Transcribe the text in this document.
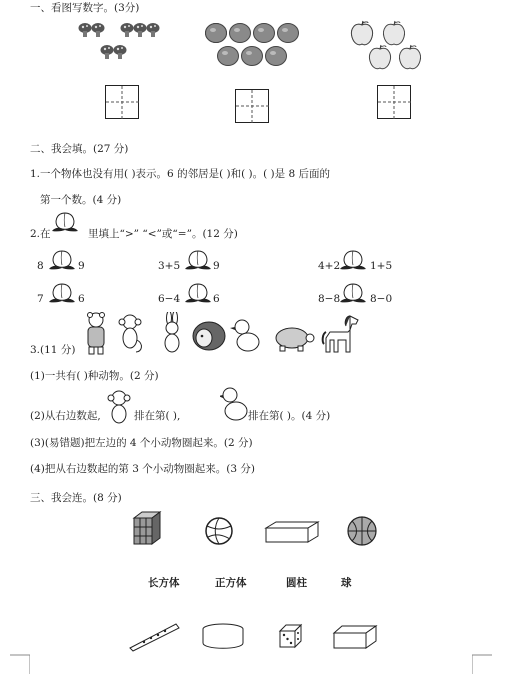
一、看图写数字。(3分)
二、我会填。(27 分)
1.一个物体也没有用( )表示。6 的邻居是( )和( )。( )是 8 后面的
第一个数。(4 分)
2.在	里填上“>” “<”或“=”。(12 分)
8	9	3+5	9	4+2	1+5
7	6	6−4	6	8−8	8−0
3.(11 分)
(1)一共有( )种动物。(2 分)
(2)从右边数起,	排在第( ),	排在第( )。(4 分)
(3)(易错题)把左边的 4 个小动物圈起来。(2 分)
(4)把从右边数起的第 3 个小动物圈起来。(3 分)
三、我会连。(8 分)
长方体	正方体	圆柱	球
